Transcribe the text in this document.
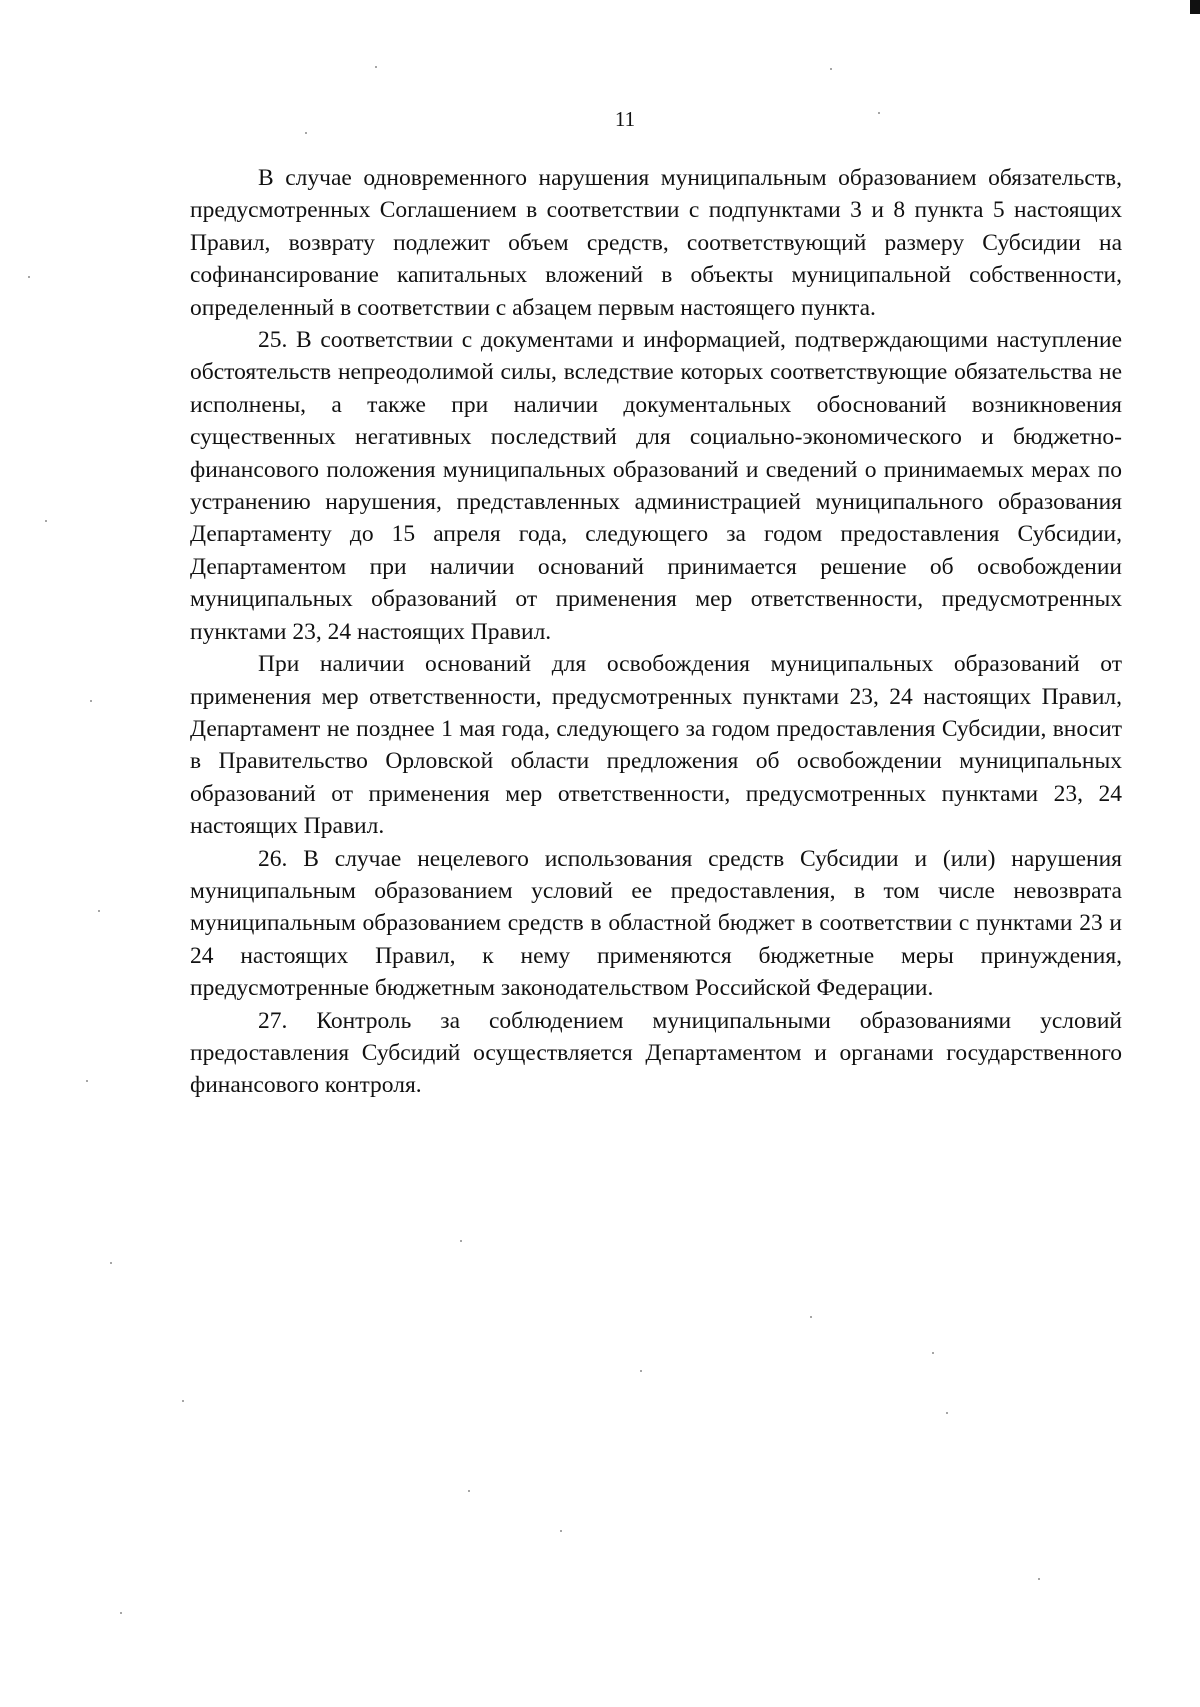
11

В случае одновременного нарушения муниципальным образованием обязательств, предусмотренных Соглашением в соответствии с подпунктами 3 и 8 пункта 5 настоящих Правил, возврату подлежит объем средств, соответствующий размеру Субсидии на софинансирование капитальных вложений в объекты муниципальной собственности, определенный в соответствии с абзацем первым настоящего пункта.

25. В соответствии с документами и информацией, подтверждающими наступление обстоятельств непреодолимой силы, вследствие которых соответствующие обязательства не исполнены, а также при наличии документальных обоснований возникновения существенных негативных последствий для социально-экономического и бюджетно-финансового положения муниципальных образований и сведений о принимаемых мерах по устранению нарушения, представленных администрацией муниципального образования Департаменту до 15 апреля года, следующего за годом предоставления Субсидии, Департаментом при наличии оснований принимается решение об освобождении муниципальных образований от применения мер ответственности, предусмотренных пунктами 23, 24 настоящих Правил.

При наличии оснований для освобождения муниципальных образований от применения мер ответственности, предусмотренных пунктами 23, 24 настоящих Правил, Департамент не позднее 1 мая года, следующего за годом предоставления Субсидии, вносит в Правительство Орловской области предложения об освобождении муниципальных образований от применения мер ответственности, предусмотренных пунктами 23, 24 настоящих Правил.

26. В случае нецелевого использования средств Субсидии и (или) нарушения муниципальным образованием условий ее предоставления, в том числе невозврата муниципальным образованием средств в областной бюджет в соответствии с пунктами 23 и 24 настоящих Правил, к нему применяются бюджетные меры принуждения, предусмотренные бюджетным законодательством Российской Федерации.

27. Контроль за соблюдением муниципальными образованиями условий предоставления Субсидий осуществляется Департаментом и органами государственного финансового контроля.
